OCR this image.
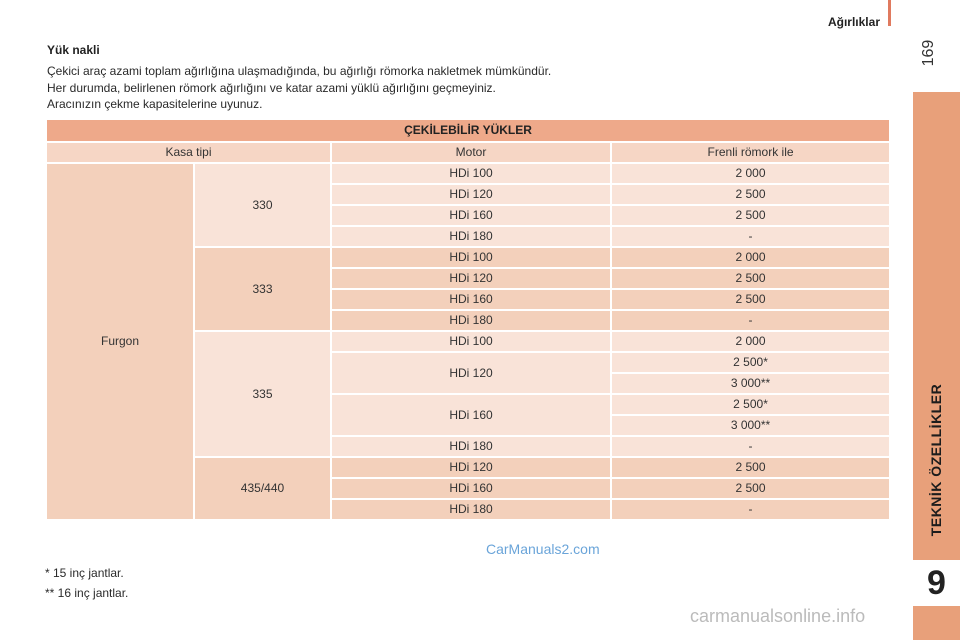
Ağırlıklar
169
TEKNİK ÖZELLİKLER
9
Yük nakli
Çekici araç azami toplam ağırlığına ulaşmadığında, bu ağırlığı römorka nakletmek mümkündür.
Her durumda, belirlenen römork ağırlığını ve katar azami yüklü ağırlığını geçmeyiniz.
Aracınızın çekme kapasitelerine uyunuz.
ÇEKİLEBİLİR YÜKLER			
Kasa tipi		Motor	Frenli römork ile
Furgon	330	HDi 100	2 000
		HDi 120	2 500
		HDi 160	2 500
		HDi 180	-
	333	HDi 100	2 000
		HDi 120	2 500
		HDi 160	2 500
		HDi 180	-
	335	HDi 100	2 000
		HDi 120	2 500*
			3 000**
		HDi 160	2 500*
			3 000**
		HDi 180	-
	435/440	HDi 120	2 500
		HDi 160	2 500
		HDi 180	-
* 15 inç jantlar.
** 16 inç jantlar.
CarManuals2.com
carmanualsonline.info
